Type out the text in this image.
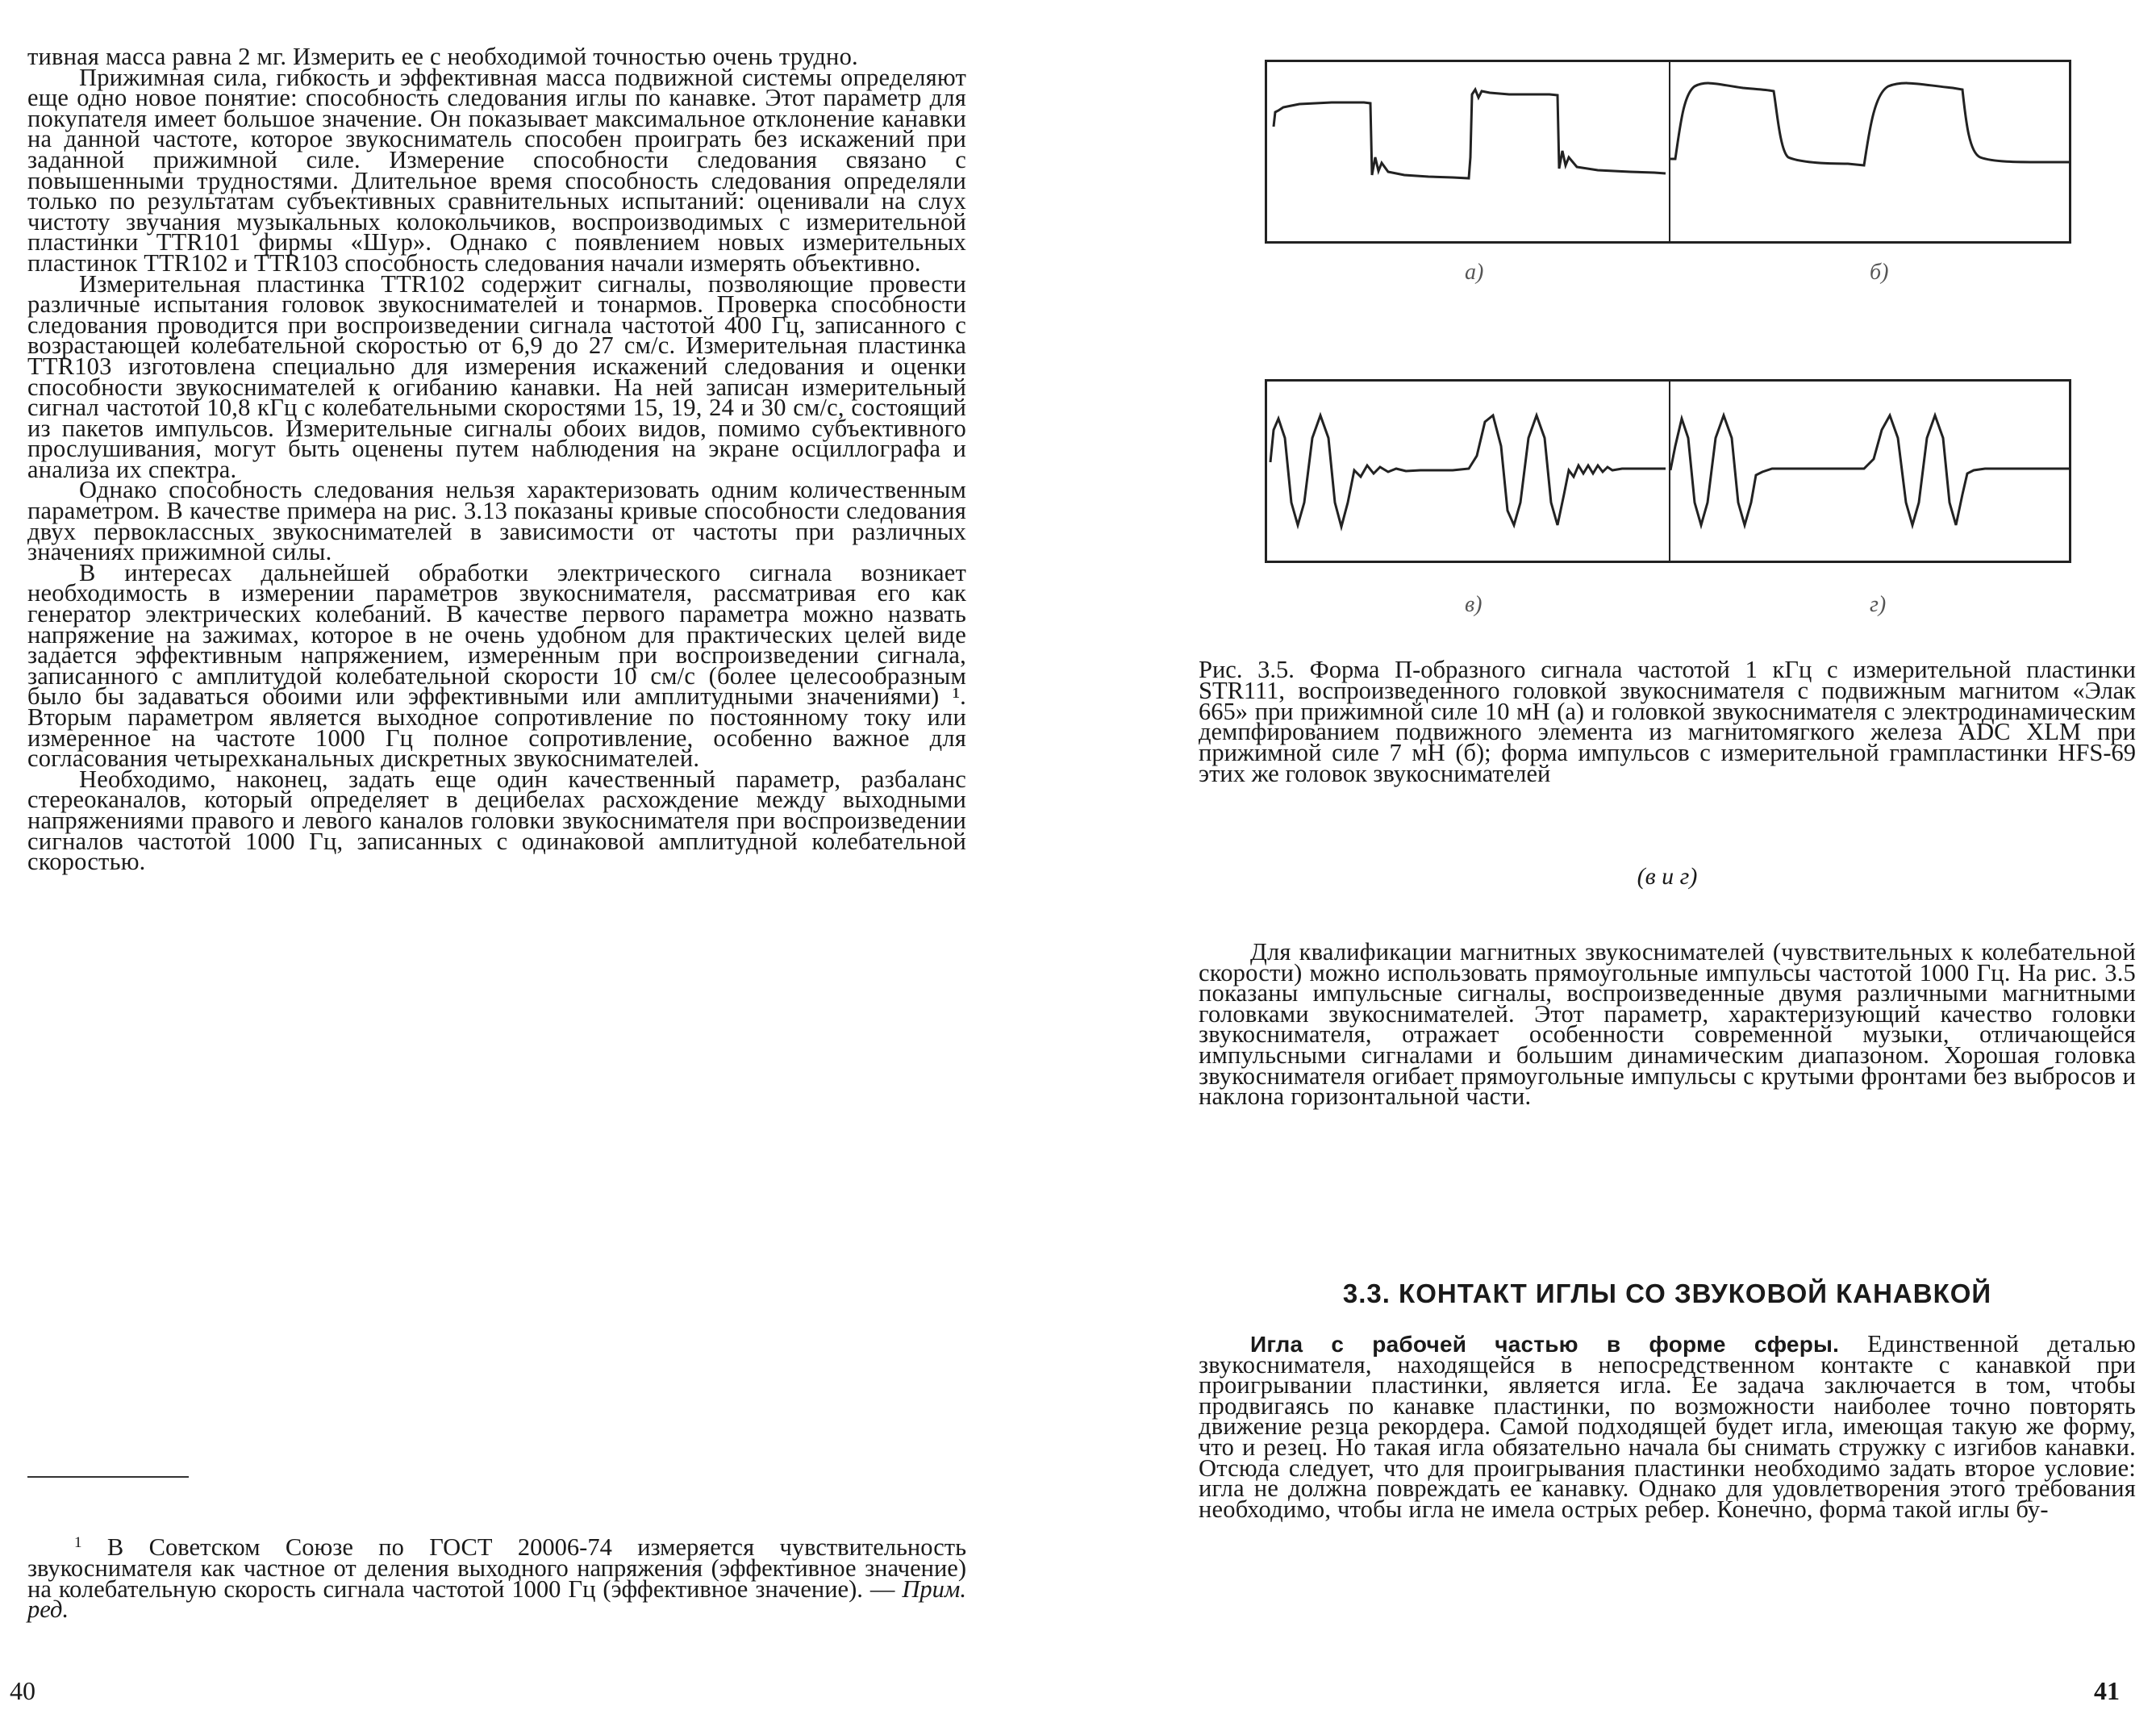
тивная масса равна 2 мг. Измерить ее с необходимой точностью очень трудно.

Прижимная сила, гибкость и эффективная масса подвижной системы определяют еще одно новое понятие: способность следования иглы по канавке. Этот параметр для покупателя имеет большое значение. Он показывает максимальное отклонение канавки на данной частоте, которое звукосниматель способен проиграть без искажений при заданной прижимной силе. Измерение способности следования связано с повышенными трудностями. Длительное время способность следования определяли только по результатам субъективных сравнительных испытаний: оценивали на слух чистоту звучания музыкальных колокольчиков, воспроизводимых с измерительной пластинки TTR101 фирмы «Шур». Однако с появлением новых измерительных пластинок TTR102 и TTR103 способность следования начали измерять объективно.

Измерительная пластинка TTR102 содержит сигналы, позволяющие провести различные испытания головок звукоснимателей и тонармов. Проверка способности следования проводится при воспроизведении сигнала частотой 400 Гц, записанного с возрастающей колебательной скоростью от 6,9 до 27 см/с. Измерительная пластинка TTR103 изготовлена специально для измерения искажений следования и оценки способности звукоснимателей к огибанию канавки. На ней записан измерительный сигнал частотой 10,8 кГц с колебательными скоростями 15, 19, 24 и 30 см/с, состоящий из пакетов импульсов. Измерительные сигналы обоих видов, помимо субъективного прослушивания, могут быть оценены путем наблюдения на экране осциллографа и анализа их спектра.

Однако способность следования нельзя характеризовать одним количественным параметром. В качестве примера на рис. 3.13 показаны кривые способности следования двух первоклассных звукоснимателей в зависимости от частоты при различных значениях прижимной силы.

В интересах дальнейшей обработки электрического сигнала возникает необходимость в измерении параметров звукоснимателя, рассматривая его как генератор электрических колебаний. В качестве первого параметра можно назвать напряжение на зажимах, которое в не очень удобном для практических целей виде задается эффективным напряжением, измеренным при воспроизведении сигнала, записанного с амплитудой колебательной скорости 10 см/с (более целесообразным было бы задаваться обоими или эффективными или амплитудными значениями) ¹. Вторым параметром является выходное сопротивление по постоянному току или измеренное на частоте 1000 Гц полное сопротивление, особенно важное для согласования четырехканальных дискретных звукоснимателей.

Необходимо, наконец, задать еще один качественный параметр, разбаланс стереоканалов, который определяет в децибелах расхождение между выходными напряжениями правого и левого каналов головки звукоснимателя при воспроизведении сигналов частотой 1000 Гц, записанных с одинаковой амплитудной колебательной скоростью.

$^1$ В Советском Союзе по ГОСТ 20006-74 измеряется чувствительность звукоснимателя как частное от деления выходного напряжения (эффективное значение) на колебательную скорость сигнала частотой 1000 Гц (эффективное значение). — Прим. ред.

40
а)	б)
в)	г)

Рис. 3.5. Форма П-образного сигнала частотой 1 кГц с измерительной пластинки STR111, воспроизведенного головкой звукоснимателя с подвижным магнитом «Элак 665» при прижимной силе 10 мН (а) и головкой звукоснимателя с электродинамическим демпфированием подвижного элемента из магнитомягкого железа ADC XLM при прижимной силе 7 мН (б); форма импульсов с измерительной грампластинки HFS-69 этих же головок звукоснимателей

(в и г)

Для квалификации магнитных звукоснимателей (чувствительных к колебательной скорости) можно использовать прямоугольные импульсы частотой 1000 Гц. На рис. 3.5 показаны импульсные сигналы, воспроизведенные двумя различными магнитными головками звукоснимателей. Этот параметр, характеризующий качество головки звукоснимателя, отражает особенности современной музыки, отличающейся импульсными сигналами и большим динамическим диапазоном. Хорошая головка звукоснимателя огибает прямоугольные импульсы с крутыми фронтами без выбросов и наклона горизонтальной части.

3.3. КОНТАКТ ИГЛЫ СО ЗВУКОВОЙ КАНАВКОЙ

Игла с рабочей частью в форме сферы. Единственной деталью звукоснимателя, находящейся в непосредственном контакте с канавкой при проигрывании пластинки, является игла. Ее задача заключается в том, чтобы продвигаясь по канавке пластинки, по возможности наиболее точно повторять движение резца рекордера. Самой подходящей будет игла, имеющая такую же форму, что и резец. Но такая игла обязательно начала бы снимать стружку с изгибов канавки. Отсюда следует, что для проигрывания пластинки необходимо задать второе условие: игла не должна повреждать ее канавку. Однако для удовлетворения этого требования необходимо, чтобы игла не имела острых ребер. Конечно, форма такой иглы бу-

41
